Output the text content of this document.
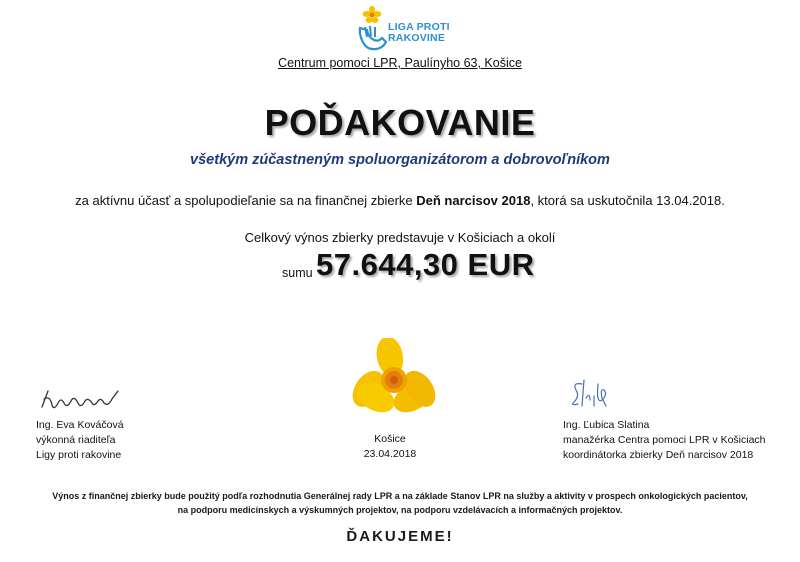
LIGA PROTI
RAKOVINE
Centrum pomoci LPR, Paulínyho 63, Košice
POĎAKOVANIE
všetkým zúčastneným spoluorganizátorom a dobrovoľníkom
za aktívnu účasť a spolupodieľanie sa na finančnej zbierke Deň narcisov 2018, ktorá sa uskutočnila 13.04.2018.
Celkový výnos zbierky predstavuje v Košiciach a okolí
sumu 57.644,30 EUR
Ing. Eva Kováčová
výkonná riaditeľa
Ligy proti rakovine
Košice
23.04.2018
Ing. Ľubica Slatina
manažérka Centra pomoci LPR v Košiciach
koordinátorka zbierky Deň narcisov 2018
Výnos z finančnej zbierky bude použitý podľa rozhodnutia Generálnej rady LPR a na základe Stanov LPR na služby a aktivity v prospech onkologických pacientov,
na podporu medicínskych a výskumných projektov, na podporu vzdelávacích a informačných projektov.
ĎAKUJEME!
